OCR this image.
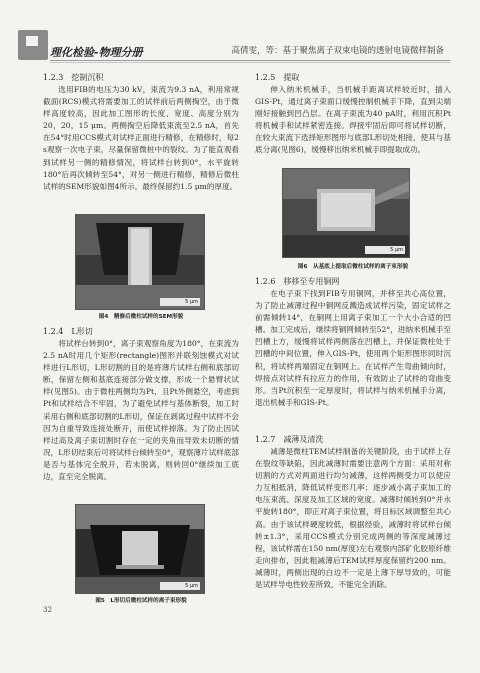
理化检验-物理分册	高倩雯，等：基于聚焦离子双束电镜的透射电镜微样制备
1.2.3　挖制沉积

选用FIB的电压为30 kV，束流为9.3 nA，利用常规截面(RCS)模式将需要加工的试样前后两侧掏空，由于微样高度较高，因此加工图形的长度、宽度、高度分别为20，20，15 μm。两侧掏空后降低束流至2.5 nA，首先在54°时用CCS模式对试样正面进行精修，在精修时，每2 s观察一次电子束，尽量保留微桩中的裂纹。为了能直观看到试样另一侧的精修情况，将试样台转到0°，水平旋转180°后再次倾转至54°，对另一侧进行精修，精修后微柱试样的SEM形貌如图4所示，最终保留约1.5 μm的厚度。

5 μm
图4　精修后微柱试样的SEM形貌
1.2.4　L形切

将试样台转到0°，离子束观察角度为180°，在束流为2.5 nA时用几个矩形(rectangle)图形并联刻蚀模式对试样进行L形切，L形切割的目的是将薄片试样右侧和底部切断，保留左侧和基底连接部分做支撑，形成一个悬臂状试样(见图5)。由于微柱两侧均为Pt，且Pt外侧悬空，考虑到Pt和试样结合不牢固，为了避免试样与基体断裂，加工时采用右侧和底部切割的L形切，保证在剥离过程中试样不会因为自重导致连接处断开，而使试样掉落。为了防止因试样过高及离子束切割时存在一定的夹角而导致未切断的情况，L形切结束后可将试样台倾转至0°，观察薄片试样底部是否与基体完全脱开，若未脱离，则转回0°继续加工底边，直至完全脱离。

5 μm
图5　L形切后微柱试样的离子束形貌
1.2.5　提取

伸入纳米机械手，当机械手距离试样较近时，插入GIS-Pt，通过离子束面口缓慢控制机械手下降，直到尖端刚好接触到凹凸层。在离子束流为40 pA时，利用沉积Pt将机械手和试样紧密连接。焊接牢固后即可将试样切断，在较大束流下选择矩形图形与底部L形切处相接，使其与基底分离(见图6)，缓慢移出纳米机械手即提取成功。

5 μm
图6　从基底上提取后微柱试样的离子束形貌
1.2.6　移移至专用铜网

在电子束下找到FIB专用铜网，并移至共心高位置，为了防止减薄过程中铜网反溅造成试样污染，固定试样之前需倾转14°，在铜网上用离子束加工一个大小合适的凹槽。加工完成后，继续将铜网倾转至52°，进纳米机械手至凹槽上方，缓慢将试样两侧落在凹槽上，并保证微柱处于凹槽的中间位置，伸入GIS-Pt，使用两个矩形图形同时沉积，将试样两端固定在铜网上。在试样产生弯曲倾向时，焊接点对试样有拉应力的作用，有效防止了试样的弯曲变形。当Pt沉积至一定厚度时，将试样与纳米机械手分离，退出机械手和GIS-Pt。

1.2.7　减薄及清洗

减薄是微柱TEM试样制备的关键阶段，由于试样上存在裂纹等缺陷，因此减薄时需要注意两个方面：采用对称切割的方式对两面进行均匀减薄，这样两侧受力可以使应力互相抵消，降低试样变形几率；逐步减小离子束加工的电压束流、深度及加工区域的宽度。减薄时倾转到0°并水平旋转180°，即正对离子束位置，将目标区域调整至共心高。由于该试样硬度较低，根据经验，减薄时将试样台倾转±1.3°，采用CCS模式分别完成两侧的等深度减薄过程，该试样需在150 nm(厚度)左右观察内部矿化胶原纤维走向排布，因此粗减薄后TEM试样厚度保留约200 nm。减薄时，两侧出现的白边不一定是上薄下厚导致的，可能是试样导电性较差所致，不能完全消除。

32
